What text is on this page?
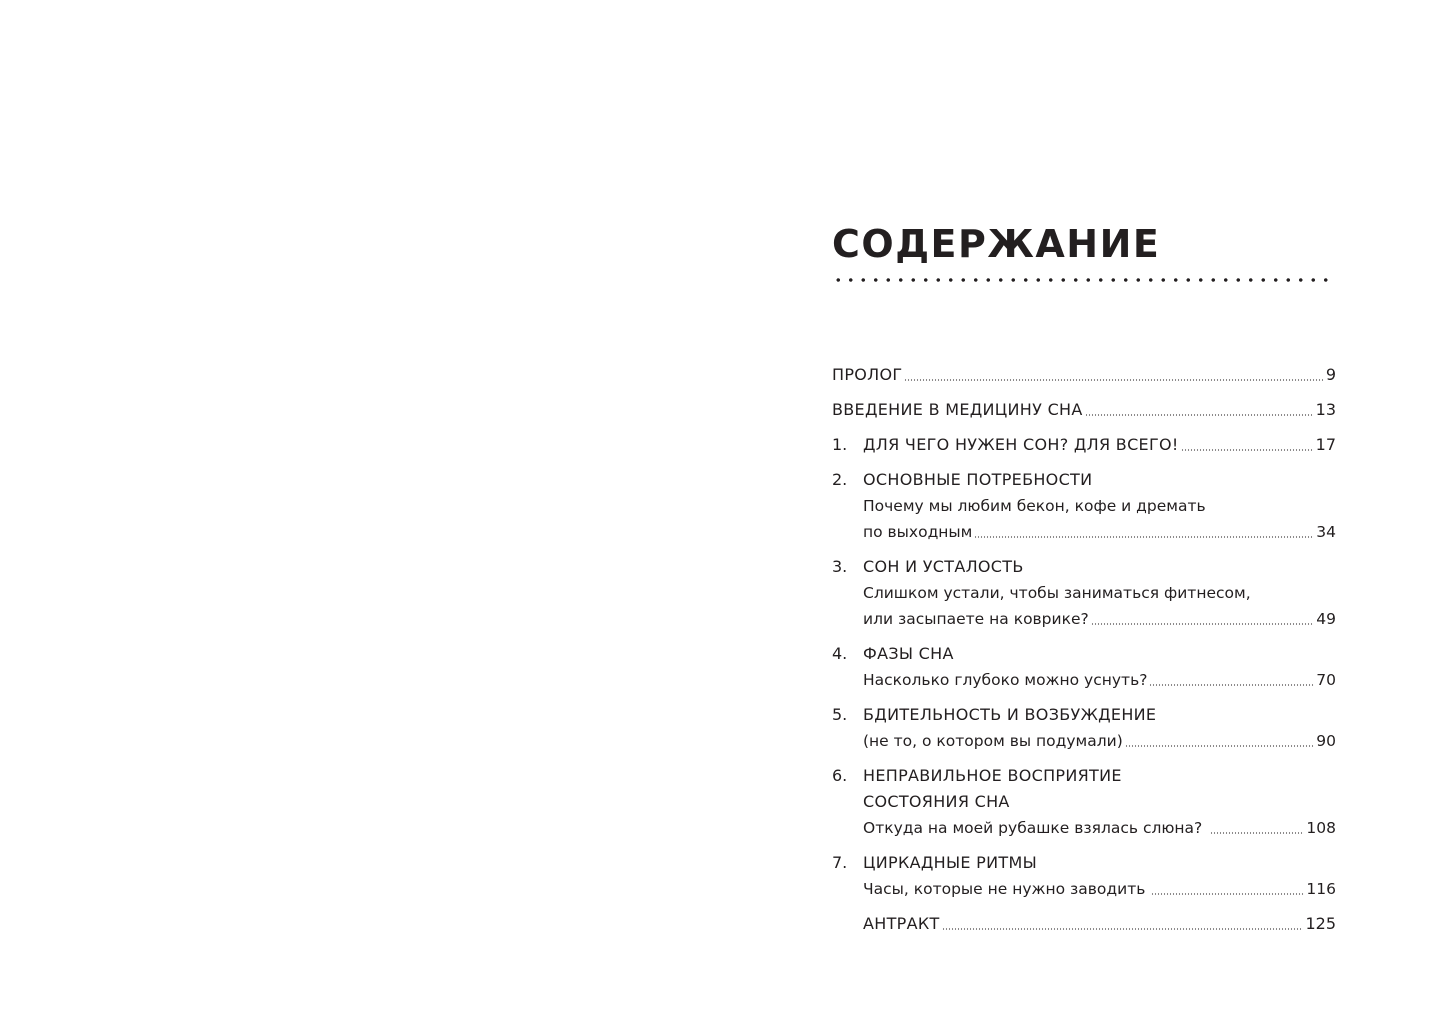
СОДЕРЖАНИЕ
ПРОЛОГ	9
ВВЕДЕНИЕ В МЕДИЦИНУ СНА	13
1. ДЛЯ ЧЕГО НУЖЕН СОН? ДЛЯ ВСЕГО!	17
2. ОСНОВНЫЕ ПОТРЕБНОСТИ
Почему мы любим бекон, кофе и дремать
по выходным	34
3. СОН И УСТАЛОСТЬ
Слишком устали, чтобы заниматься фитнесом,
или засыпаете на коврике?	49
4. ФАЗЫ СНА
Насколько глубоко можно уснуть?	70
5. БДИТЕЛЬНОСТЬ И ВОЗБУЖДЕНИЕ
(не то, о котором вы подумали)	90
6. НЕПРАВИЛЬНОЕ ВОСПРИЯТИЕ
СОСТОЯНИЯ СНА
Откуда на моей рубашке взялась слюна?	108
7. ЦИРКАДНЫЕ РИТМЫ
Часы, которые не нужно заводить	116
АНТРАКТ	125
